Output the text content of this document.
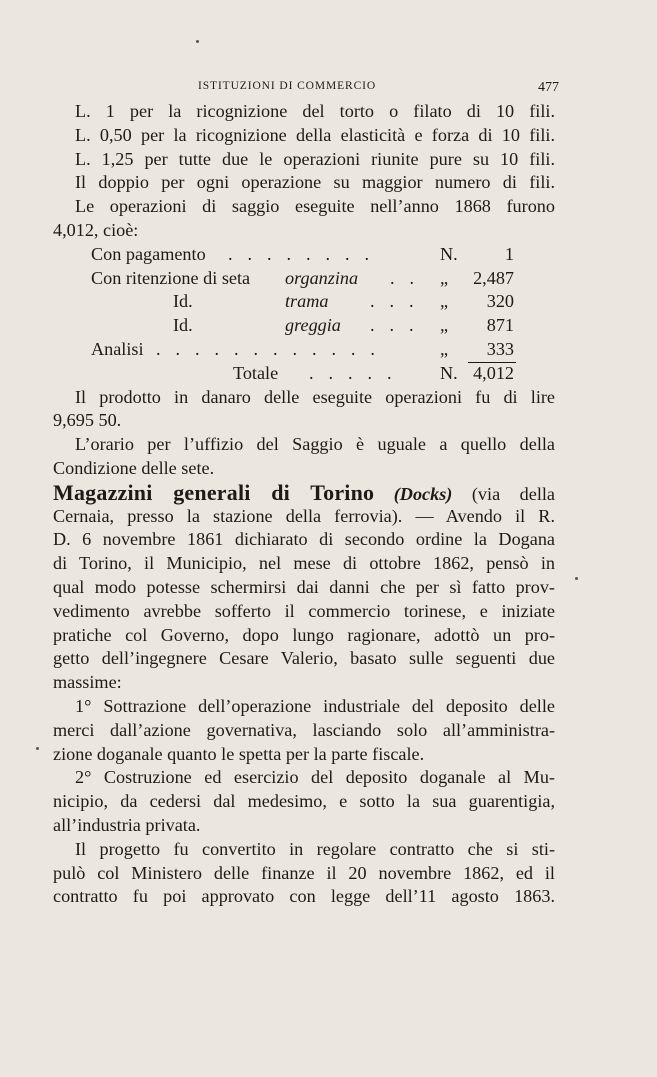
ISTITUZIONI DI COMMERCIO	477
L. 1 per la ricognizione del torto o filato di 10 fili.
L. 0,50 per la ricognizione della elasticità e forza di 10 fili.
L. 1,25 per tutte due le operazioni riunite pure su 10 fili.
Il doppio per ogni operazione su maggior numero di fili.
Le operazioni di saggio eseguite nell’anno 1868 furono
4,012, cioè:
Con pagamento . . . . . . . .	N.	1
Con ritenzione di seta organzina . . „ 2,487
Id.	trama . . . „ 320
Id.	greggia . . . „ 871
Analisi . . . . . . . . . . . .	„ 333
Totale . . . . . N. 4,012
Il prodotto in danaro delle eseguite operazioni fu di lire
9,695 50.
L’orario per l’uffizio del Saggio è uguale a quello della
Condizione delle sete.
Magazzini generali di Torino (Docks) (via della
Cernaia, presso la stazione della ferrovia). — Avendo il R.
D. 6 novembre 1861 dichiarato di secondo ordine la Dogana
di Torino, il Municipio, nel mese di ottobre 1862, pensò in
qual modo potesse schermirsi dai danni che per sì fatto prov-
vedimento avrebbe sofferto il commercio torinese, e iniziate
pratiche col Governo, dopo lungo ragionare, adottò un pro-
getto dell’ingegnere Cesare Valerio, basato sulle seguenti due
massime:
1° Sottrazione dell’operazione industriale del deposito delle
merci dall’azione governativa, lasciando solo all’amministra-
zione doganale quanto le spetta per la parte fiscale.
2° Costruzione ed esercizio del deposito doganale al Mu-
nicipio, da cedersi dal medesimo, e sotto la sua guarentigia,
all’industria privata.
Il progetto fu convertito in regolare contratto che si sti-
pulò col Ministero delle finanze il 20 novembre 1862, ed il
contratto fu poi approvato con legge dell’11 agosto 1863.
